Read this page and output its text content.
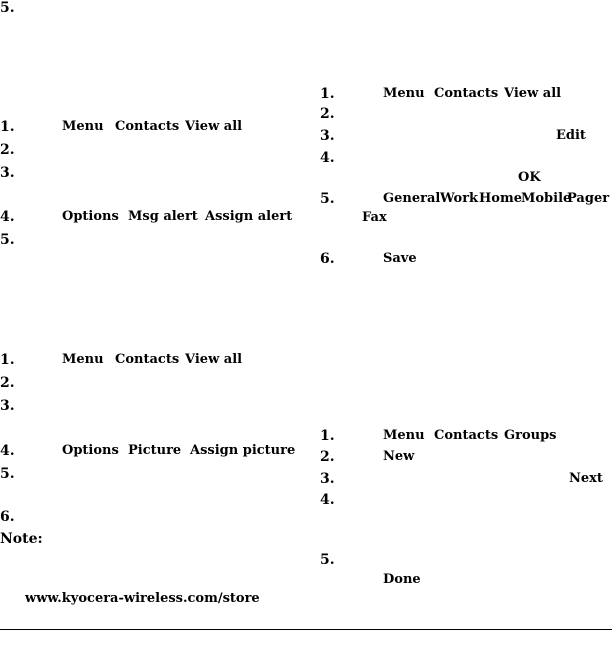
5.
1.	Menu Contacts View all
2.
3.
4.	Options Msg alert Assign alert
5.
1.	Menu Contacts View all
2.
3.
4.	Options Picture Assign picture
5.
6.
Note:
www.kyocera-wireless.com/store
1.	Menu Contacts View all
2.
3.	Edit
4.
OK
5.	General Work Home Mobile
Pager
Fax
6.	Save
1.	Menu Contacts Groups
2.	New
3.	Next
4.
5.
Done
